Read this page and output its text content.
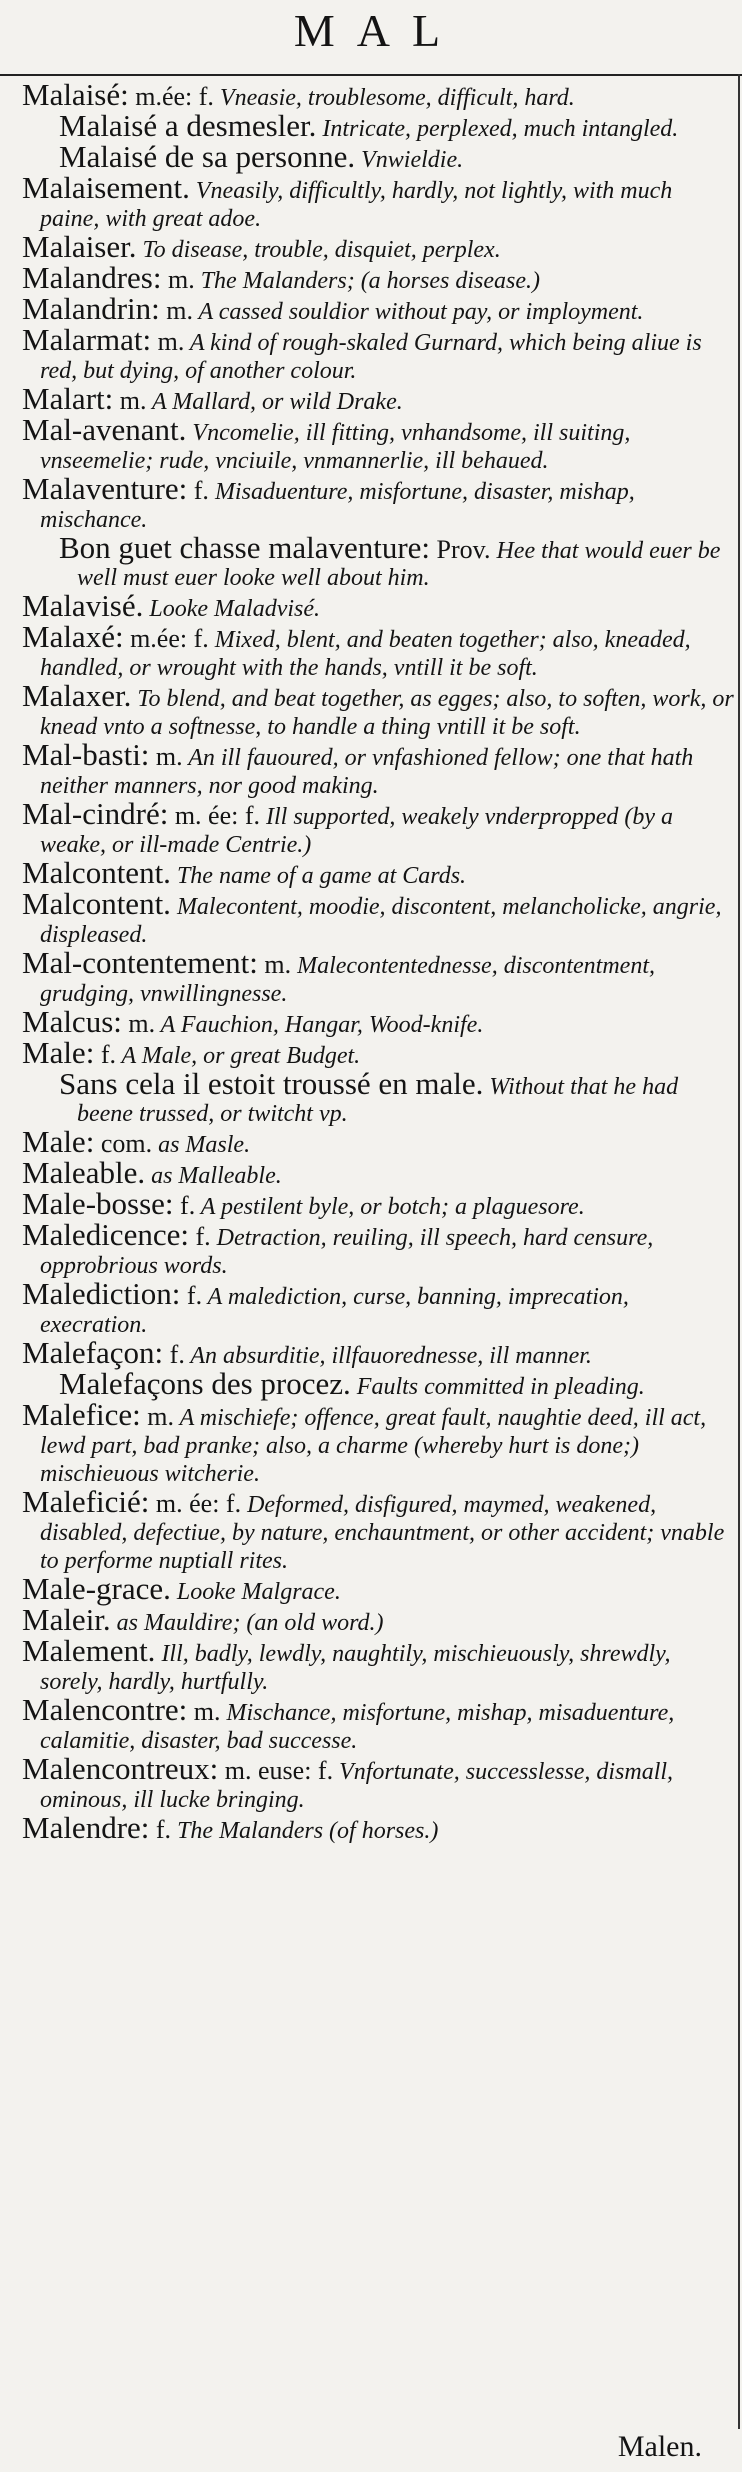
MAL

Malaisé: m.ée: f. Vneasie, troublesome, difficult, hard.

Malaisé a desmesler. Intricate, perplexed, much intangled.

Malaisé de sa personne. Vnwieldie.

Malaisement. Vneasily, difficultly, hardly, not lightly, with much paine, with great adoe.

Malaiser. To disease, trouble, disquiet, perplex.

Malandres: m. The Malanders; (a horses disease.)

Malandrin: m. A cassed souldior without pay, or imployment.

Malarmat: m. A kind of rough-skaled Gurnard, which being aliue is red, but dying, of another colour.

Malart: m. A Mallard, or wild Drake.

Mal-avenant. Vncomelie, ill fitting, vnhandsome, ill suiting, vnseemelie; rude, vnciuile, vnmannerlie, ill behaued.

Malaventure: f. Misaduenture, misfortune, disaster, mishap, mischance.

Bon guet chasse malaventure: Prov. Hee that would euer be well must euer looke well about him.

Malavisé. Looke Maladvisé.

Malaxé: m.ée: f. Mixed, blent, and beaten together; also, kneaded, handled, or wrought with the hands, vntill it be soft.

Malaxer. To blend, and beat together, as egges; also, to soften, work, or knead vnto a softnesse, to handle a thing vntill it be soft.

Mal-basti: m. An ill fauoured, or vnfashioned fellow; one that hath neither manners, nor good making.

Mal-cindré: m. ée: f. Ill supported, weakely vnderpropped (by a weake, or ill-made Centrie.)

Malcontent. The name of a game at Cards.

Malcontent. Malecontent, moodie, discontent, melancholicke, angrie, displeased.

Mal-contentement: m. Malecontentednesse, discontentment, grudging, vnwillingnesse.

Malcus: m. A Fauchion, Hangar, Wood-knife.

Male: f. A Male, or great Budget.

Sans cela il estoit troussé en male. Without that he had beene trussed, or twitcht vp.

Male: com. as Masle.

Maleable. as Malleable.

Male-bosse: f. A pestilent byle, or botch; a plaguesore.

Maledicence: f. Detraction, reuiling, ill speech, hard censure, opprobrious words.

Malediction: f. A malediction, curse, banning, imprecation, execration.

Malefaçon: f. An absurditie, illfauorednesse, ill manner.

Malefaçons des procez. Faults committed in pleading.

Malefice: m. A mischiefe; offence, great fault, naughtie deed, ill act, lewd part, bad pranke; also, a charme (whereby hurt is done;) mischieuous witcherie.

Maleficié: m. ée: f. Deformed, disfigured, maymed, weakened, disabled, defectiue, by nature, enchauntment, or other accident; vnable to performe nuptiall rites.

Male-grace. Looke Malgrace.

Maleir. as Mauldire; (an old word.)

Malement. Ill, badly, lewdly, naughtily, mischieuously, shrewdly, sorely, hardly, hurtfully.

Malencontre: m. Mischance, misfortune, mishap, misaduenture, calamitie, disaster, bad successe.

Malencontreux: m. euse: f. Vnfortunate, successlesse, dismall, ominous, ill lucke bringing.

Malendre: f. The Malanders (of horses.)

Malen.
